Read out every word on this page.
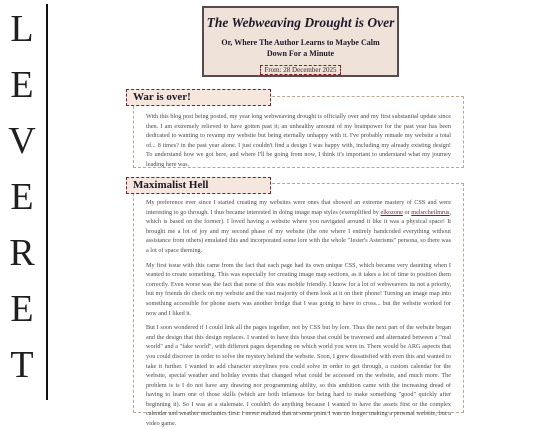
L
E
V
E
R
E
T
The Webweaving Drought is Over
Or, Where The Author Learns to Maybe Calm Down For a Minute
From: 28 December 2025

With this blog post being posted, my year long webweaving drought is officially over and my first substantial update since then. I am extremely relieved to have gotten past it; an unhealthy amount of my brainpower for the past year has been dedicated to wanting to revamp my website but being eternally unhappy with it. I've probably remade my website a total of... 8 times? in the past year alone. I just couldn't find a design I was happy with, including my already existing design! To understand how we got here, and where I'll be going from now, I think it's important to understand what my journey leading here was.

War is over!

My preference ever since I started creating my websites were ones that showed an extreme mastery of CSS and were interesting to go through. I thus became interested in doing image map styles (exemplified by elkozone or melsrcheilmrus, which is based on the former). I loved having a website where you navigated around it like it was a physical space! It brought me a lot of joy and my second phase of my website (the one where I entirely handcoded everything without assistance from others) emulated this and incorporated some lore with the whole "Jester's Asterisms" persona, so there was a lot of space theming.

My first issue with this came from the fact that each page had its own unique CSS, which became very daunting when I wanted to create something. This was especially for creating image map sections, as it takes a lot of time to position them correctly. Even worse was the fact that none of this was mobile friendly. I know for a lot of webweavers its not a priority, but my friends do check on my website and the vast majority of them look at it on their phone! Turning an image map into something accessible for phone users was another bridge that I was going to have to cross... but the website worked for now and I liked it.

But I soon wondered if I could link all the pages together, not by CSS but by lore. Thus the next part of the website began and the design that this design replaces. I wanted to have this house that could be traversed and alternated between a "real world" and a "fake world", with different pages depending on which world you were in. There would be ARG aspects that you could discover in order to solve the mystery behind the website. Soon, I grew dissatisfied with even this and wanted to take it further. I wanted to add character storylines you could solve in order to get through, a custom calendar for the website, special weather and holiday events that changed what could be accessed on the website, and much more. The problem is is I do not have any drawing nor programming ability, so this ambition came with the increasing dread of having to learn one of those skills (which are both infamous for being hard to make something "good" quickly after beginning it). So I was at a stalemate. I couldn't do anything because I wanted to have the assets first or the complex calendar and weather mechanics first. I never realized that at some point I was no longer making a personal website, but a video game.

Maximalist Hell
